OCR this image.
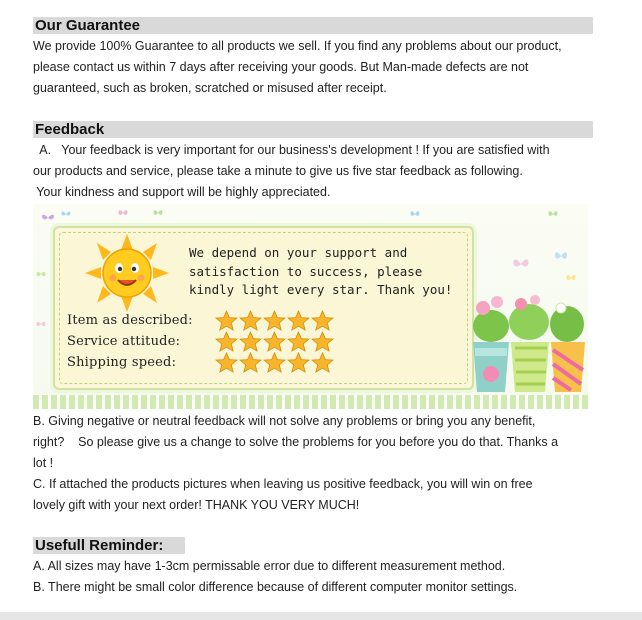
Our Guarantee

We provide 100% Guarantee to all products we sell. If you find any problems about our product,

please contact us within 7 days after receiving your goods. But Man-made defects are not

guaranteed, such as broken, scratched or misused after receipt.

Feedback

A.   Your feedback is very important for our business's development ! If you are satisfied with

our products and service, please take a minute to give us five star feedback as following.

Your kindness and support will be highly appreciated.

We depend on your support and
satisfaction to success, please
kindly light every star. Thank you!
Item as described:
Service attitude:
Shipping speed:

B. Giving negative or neutral feedback will not solve any problems or bring you any benefit,

right?    So please give us a change to solve the problems for you before you do that. Thanks a

lot !

C. If attached the products pictures when leaving us positive feedback, you will win on free

lovely gift with your next order! THANK YOU VERY MUCH!

Usefull Reminder:

A. All sizes may have 1-3cm permissable error due to different measurement method.

B. There might be small color difference because of different computer monitor settings.
